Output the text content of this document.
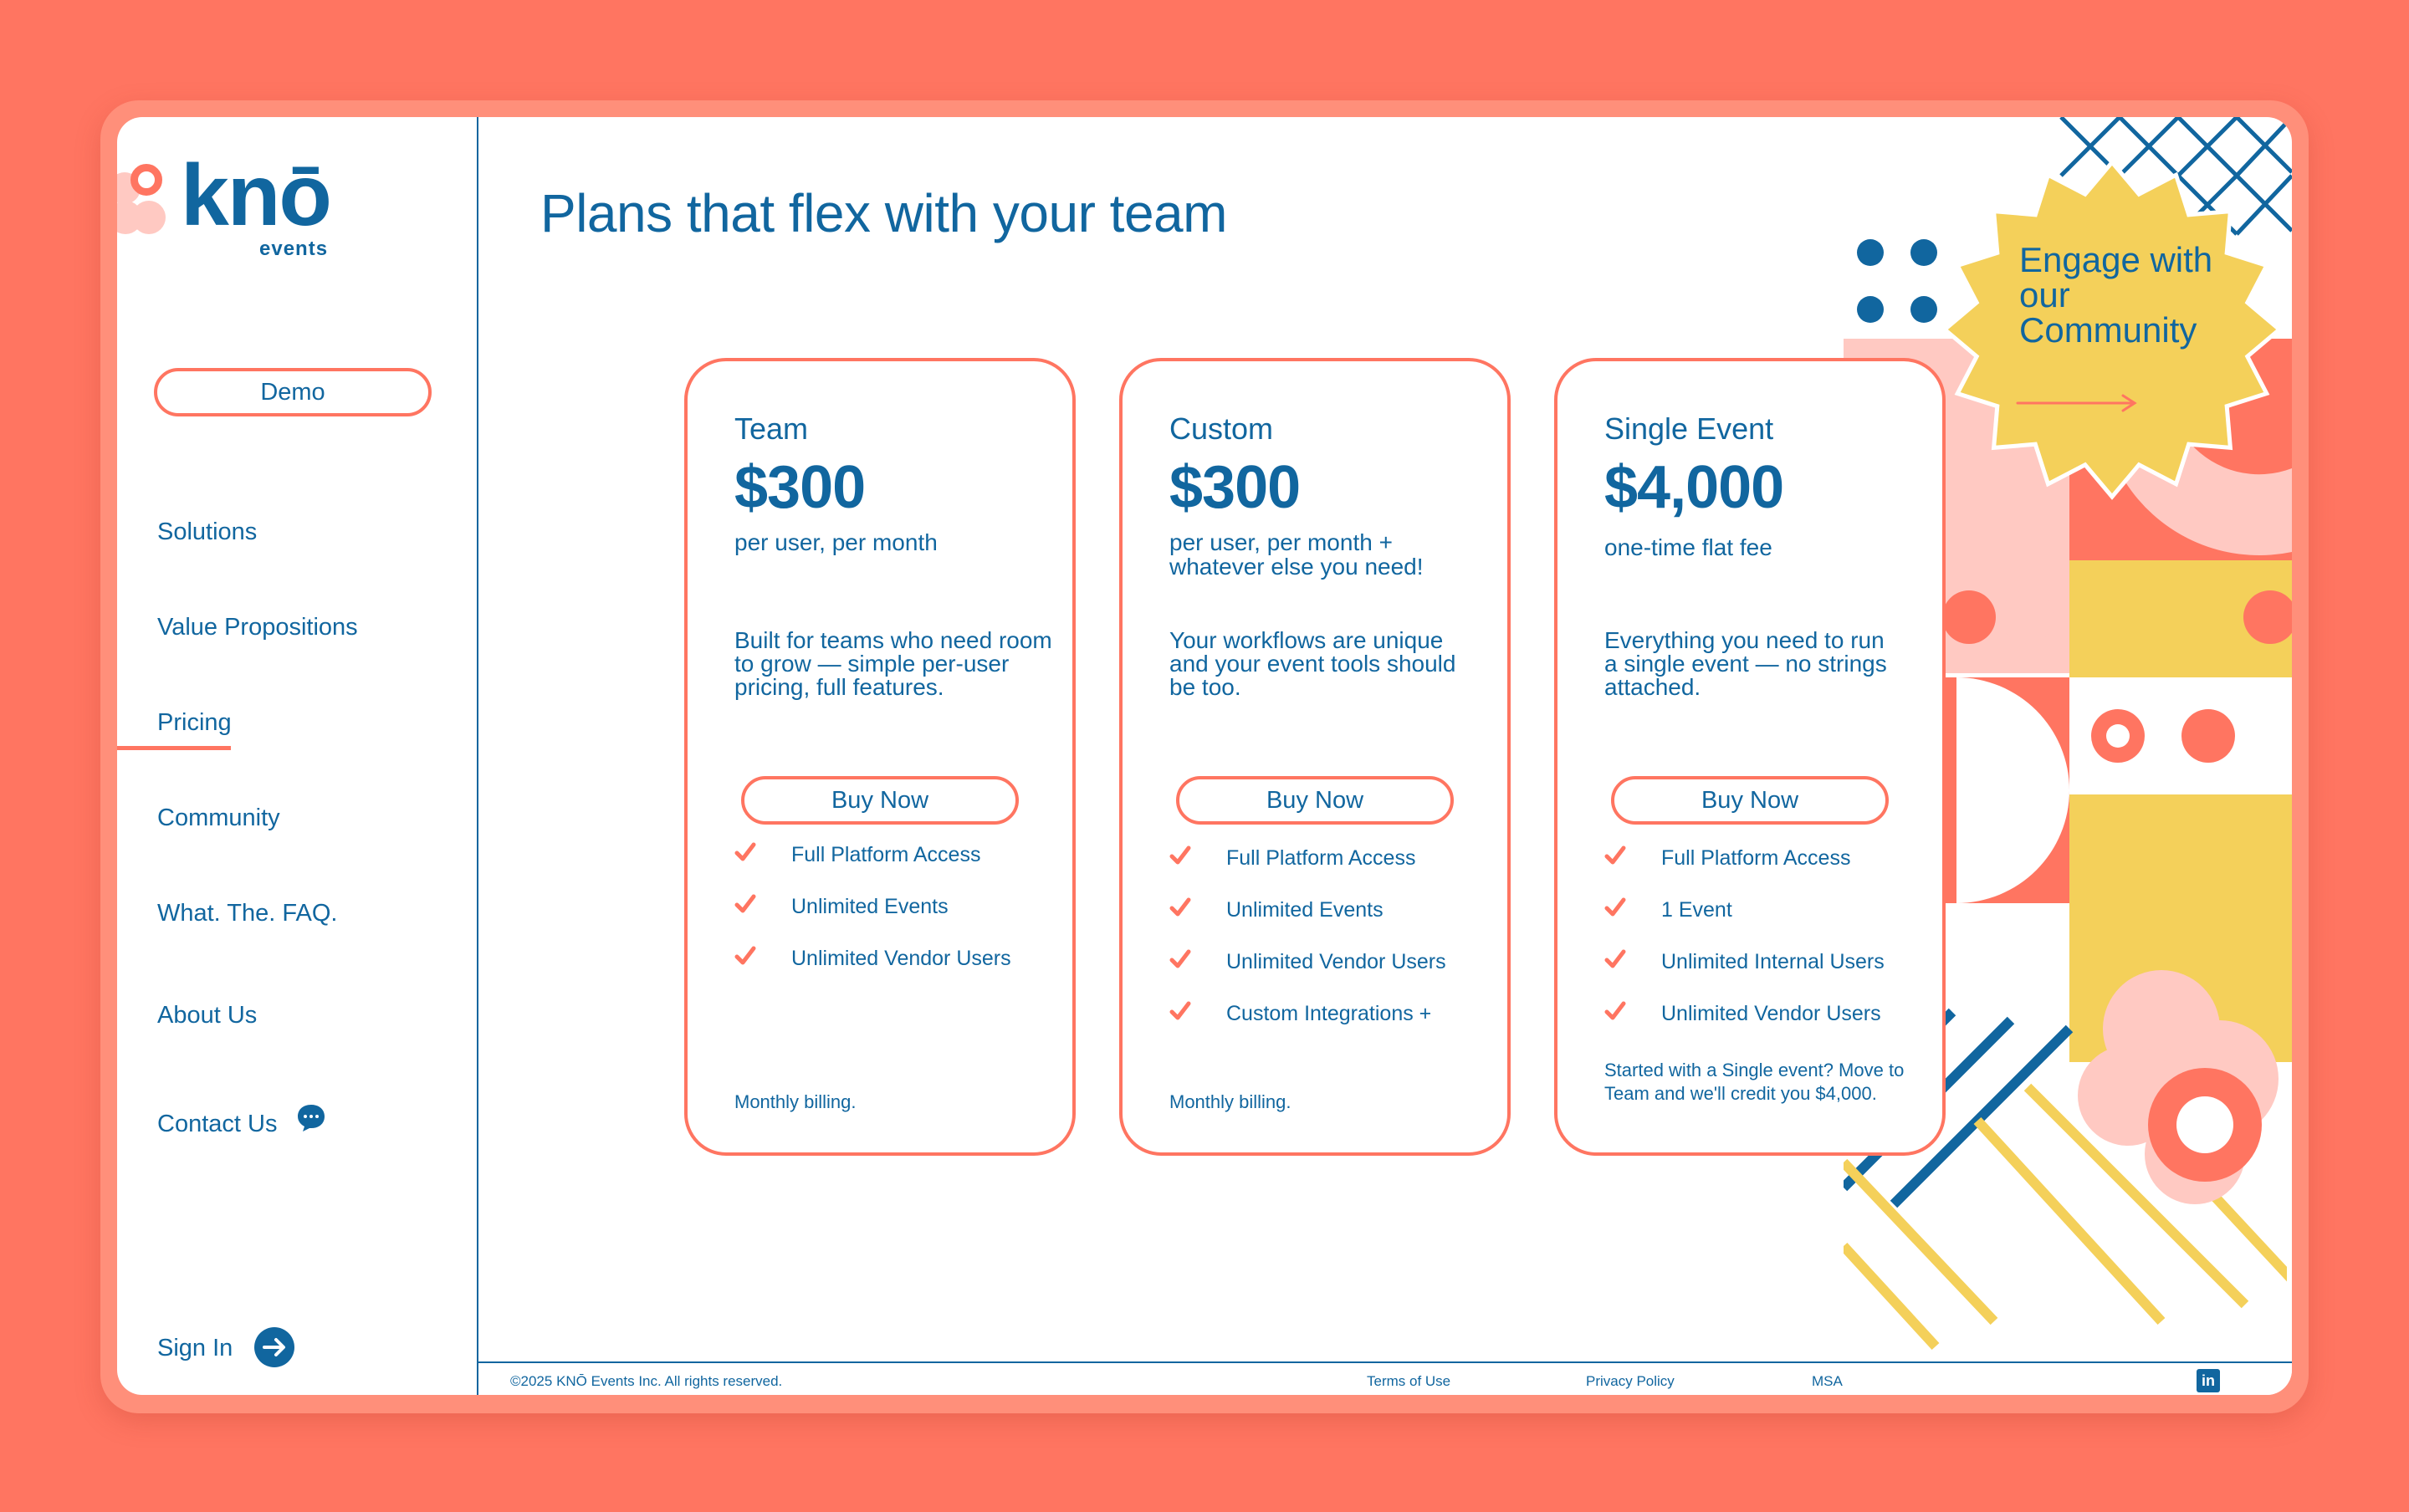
knō
events
Demo
Solutions
Value Propositions
Pricing
Community
What. The. FAQ.
About Us
Contact Us
Sign In
Engage with our Community
Plans that flex with your team
Team
$300
per user, per month
Built for teams who need room to grow — simple per-user pricing, full features.
Buy Now
Full Platform Access
Unlimited Events
Unlimited Vendor Users
Monthly billing.
Custom
$300
per user, per month + whatever else you need!
Your workflows are unique and your event tools should be too.
Buy Now
Full Platform Access
Unlimited Events
Unlimited Vendor Users
Custom Integrations +
Monthly billing.
Single Event
$4,000
one-time flat fee
Everything you need to run a single event — no strings attached.
Buy Now
Full Platform Access
1 Event
Unlimited Internal Users
Unlimited Vendor Users
Started with a Single event? Move to Team and we'll credit you $4,000.
©2025 KNŌ Events Inc. All rights reserved.	Terms of Use	Privacy Policy	MSA	in
